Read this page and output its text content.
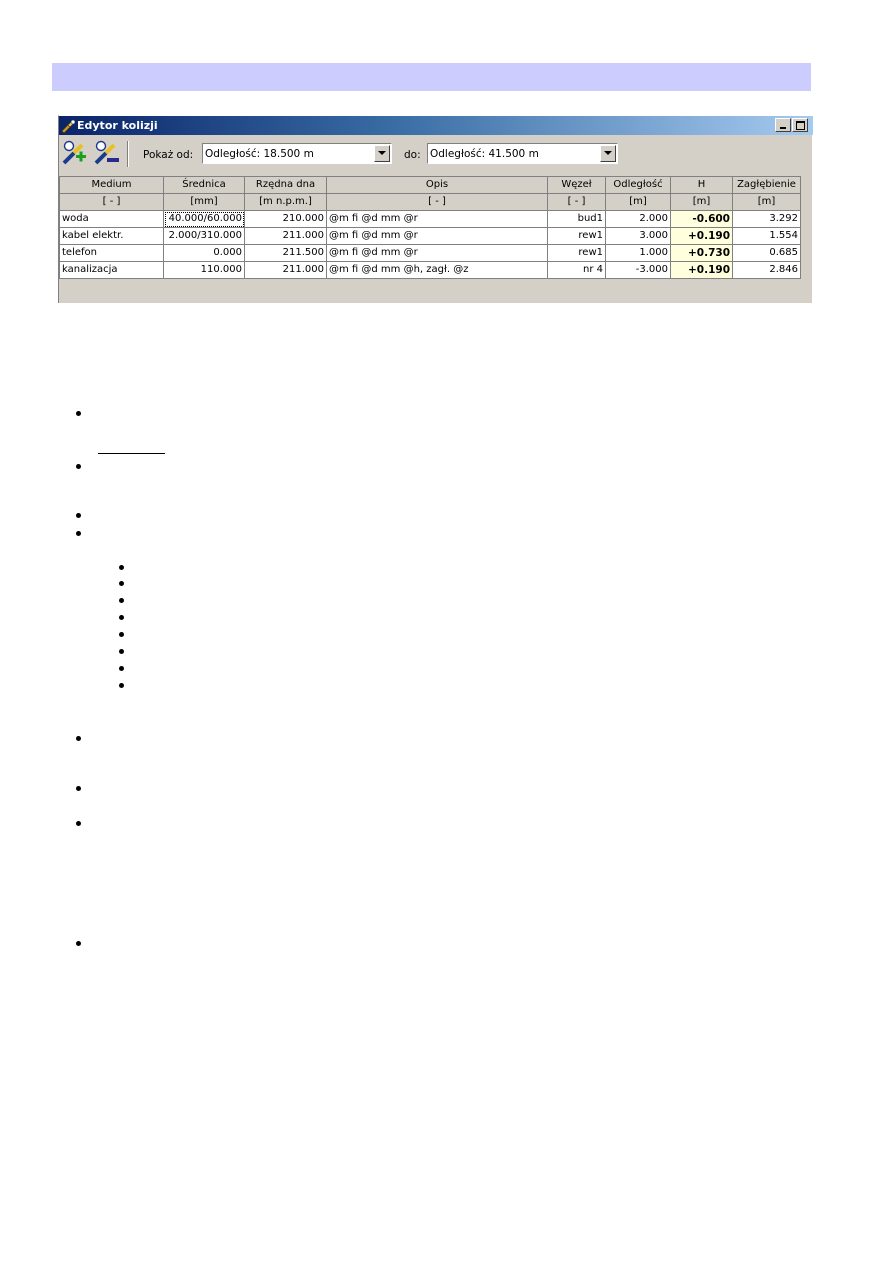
Edytor kolizji
Pokaż od: Odległość: 18.500 m	do: Odległość: 41.500 m
Medium	Średnica	Rzędna dna	Opis	Węzeł	Odległość	H	Zagłębienie
[ - ]	[mm]	[m n.p.m.]	[ - ]	[ - ]	[m]	[m]	[m]
woda	40.000/60.000	210.000	@m fi @d mm @r	bud1	2.000	-0.600	3.292
kabel elektr.	2.000/310.000	211.000	@m fi @d mm @r	rew1	3.000	+0.190	1.554
telefon	0.000	211.500	@m fi @d mm @r	rew1	1.000	+0.730	0.685
kanalizacja	110.000	211.000	@m fi @d mm @h, zagł. @z	nr 4	-3.000	+0.190	2.846
